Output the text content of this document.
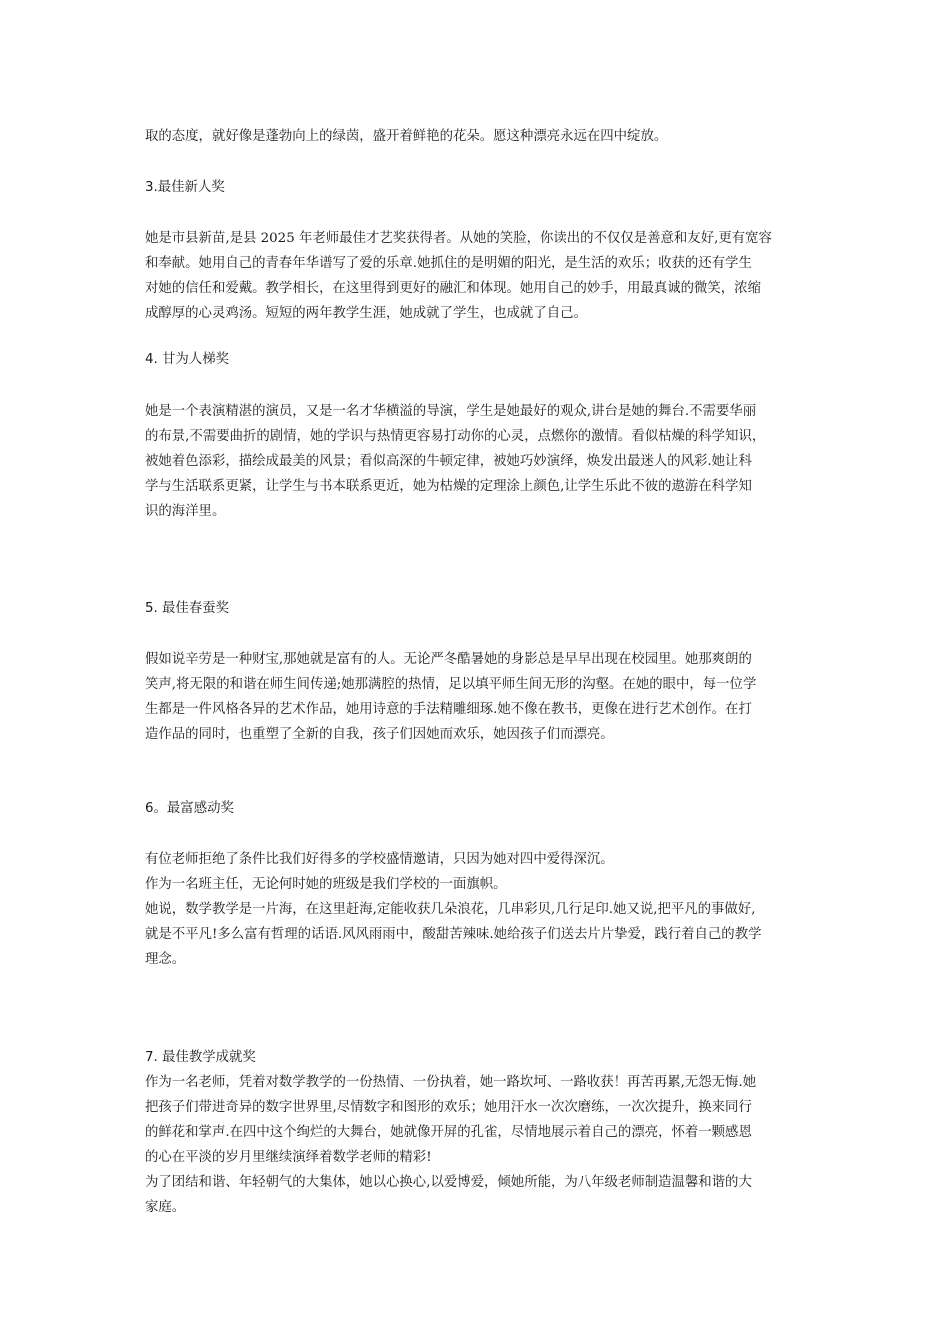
取的态度，就好像是蓬勃向上的绿茵，盛开着鲜艳的花朵。愿这种漂亮永远在四中绽放。

3.最佳新人奖

她是市县新苗,是县 2025 年老师最佳才艺奖获得者。从她的笑脸，你读出的不仅仅是善意和友好,更有宽容
和奉献。她用自己的青春年华谱写了爱的乐章.她抓住的是明媚的阳光，是生活的欢乐；收获的还有学生
对她的信任和爱戴。教学相长，在这里得到更好的融汇和体现。她用自己的妙手，用最真诚的微笑，浓缩
成醇厚的心灵鸡汤。短短的两年教学生涯，她成就了学生，也成就了自己。

4. 甘为人梯奖

她是一个表演精湛的演员，又是一名才华横溢的导演，学生是她最好的观众,讲台是她的舞台.不需要华丽
的布景,不需要曲折的剧情，她的学识与热情更容易打动你的心灵，点燃你的激情。看似枯燥的科学知识，
被她着色添彩，描绘成最美的风景；看似高深的牛顿定律，被她巧妙演绎，焕发出最迷人的风彩.她让科
学与生活联系更紧，让学生与书本联系更近，她为枯燥的定理涂上颜色,让学生乐此不彼的遨游在科学知
识的海洋里。

5. 最佳春蚕奖

假如说辛劳是一种财宝,那她就是富有的人。无论严冬酷暑她的身影总是早早出现在校园里。她那爽朗的
笑声,将无限的和谐在师生间传递;她那满腔的热情，足以填平师生间无形的沟壑。在她的眼中，每一位学
生都是一件风格各异的艺术作品，她用诗意的手法精雕细琢.她不像在教书，更像在进行艺术创作。在打
造作品的同时，也重塑了全新的自我，孩子们因她而欢乐，她因孩子们而漂亮。

6。最富感动奖

有位老师拒绝了条件比我们好得多的学校盛情邀请，只因为她对四中爱得深沉。
作为一名班主任，无论何时她的班级是我们学校的一面旗帜。
她说，数学教学是一片海，在这里赶海,定能收获几朵浪花，几串彩贝,几行足印.她又说,把平凡的事做好,
就是不平凡!多么富有哲理的话语.风风雨雨中，酸甜苦辣味.她给孩子们送去片片挚爱，践行着自己的教学
理念。

7. 最佳教学成就奖

作为一名老师，凭着对数学教学的一份热情、一份执着，她一路坎坷、一路收获！再苦再累,无怨无悔.她
把孩子们带进奇异的数字世界里,尽情数字和图形的欢乐；她用汗水一次次磨练，一次次提升，换来同行
的鲜花和掌声.在四中这个绚烂的大舞台，她就像开屏的孔雀，尽情地展示着自己的漂亮，怀着一颗感恩
的心在平淡的岁月里继续演绎着数学老师的精彩!
为了团结和谐、年轻朝气的大集体，她以心换心,以爱博爱，倾她所能，为八年级老师制造温馨和谐的大
家庭。
